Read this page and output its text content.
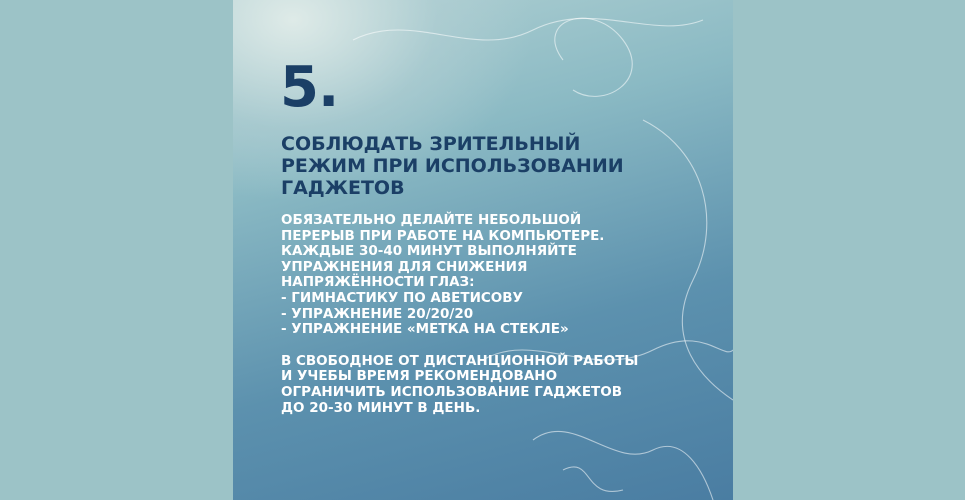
5.
СОБЛЮДАТЬ ЗРИТЕЛЬНЫЙ
РЕЖИМ ПРИ ИСПОЛЬЗОВАНИИ
ГАДЖЕТОВ
ОБЯЗАТЕЛЬНО ДЕЛАЙТЕ НЕБОЛЬШОЙ
ПЕРЕРЫВ ПРИ РАБОТЕ НА КОМПЬЮТЕРЕ.
КАЖДЫЕ 30-40 МИНУТ ВЫПОЛНЯЙТЕ
УПРАЖНЕНИЯ ДЛЯ СНИЖЕНИЯ
НАПРЯЖЁННОСТИ ГЛАЗ:
- ГИМНАСТИКУ ПО АВЕТИСОВУ
- УПРАЖНЕНИЕ 20/20/20
- УПРАЖНЕНИЕ «МЕТКА НА СТЕКЛЕ»
В СВОБОДНОЕ ОТ ДИСТАНЦИОННОЙ РАБОТЫ
И УЧЕБЫ ВРЕМЯ РЕКОМЕНДОВАНО
ОГРАНИЧИТЬ ИСПОЛЬЗОВАНИЕ ГАДЖЕТОВ
ДО 20-30 МИНУТ В ДЕНЬ.
